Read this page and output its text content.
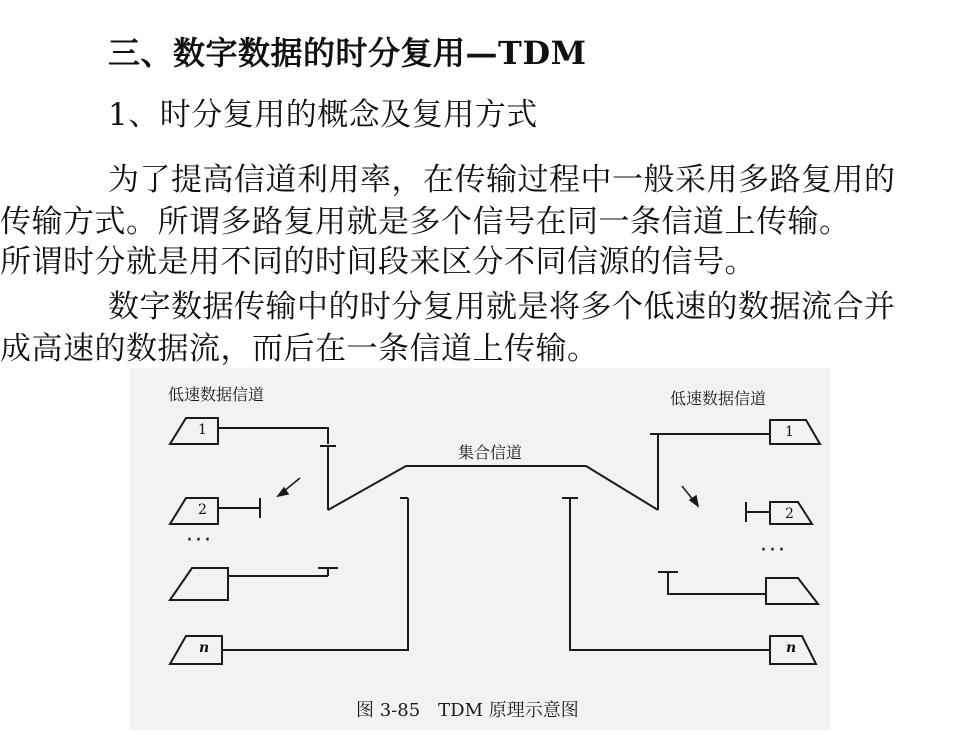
三、数字数据的时分复用—TDM
1、时分复用的概念及复用方式
为了提高信道利用率，在传输过程中一般采用多路复用的
传输方式。所谓多路复用就是多个信号在同一条信道上传输。
所谓时分就是用不同的时间段来区分不同信源的信号。
数字数据传输中的时分复用就是将多个低速的数据流合并
成高速的数据流，而后在一条信道上传输。
低速数据信道	低速数据信道
集合信道
···	···
1
2
n
1
2
n
图 3-85　TDM 原理示意图
